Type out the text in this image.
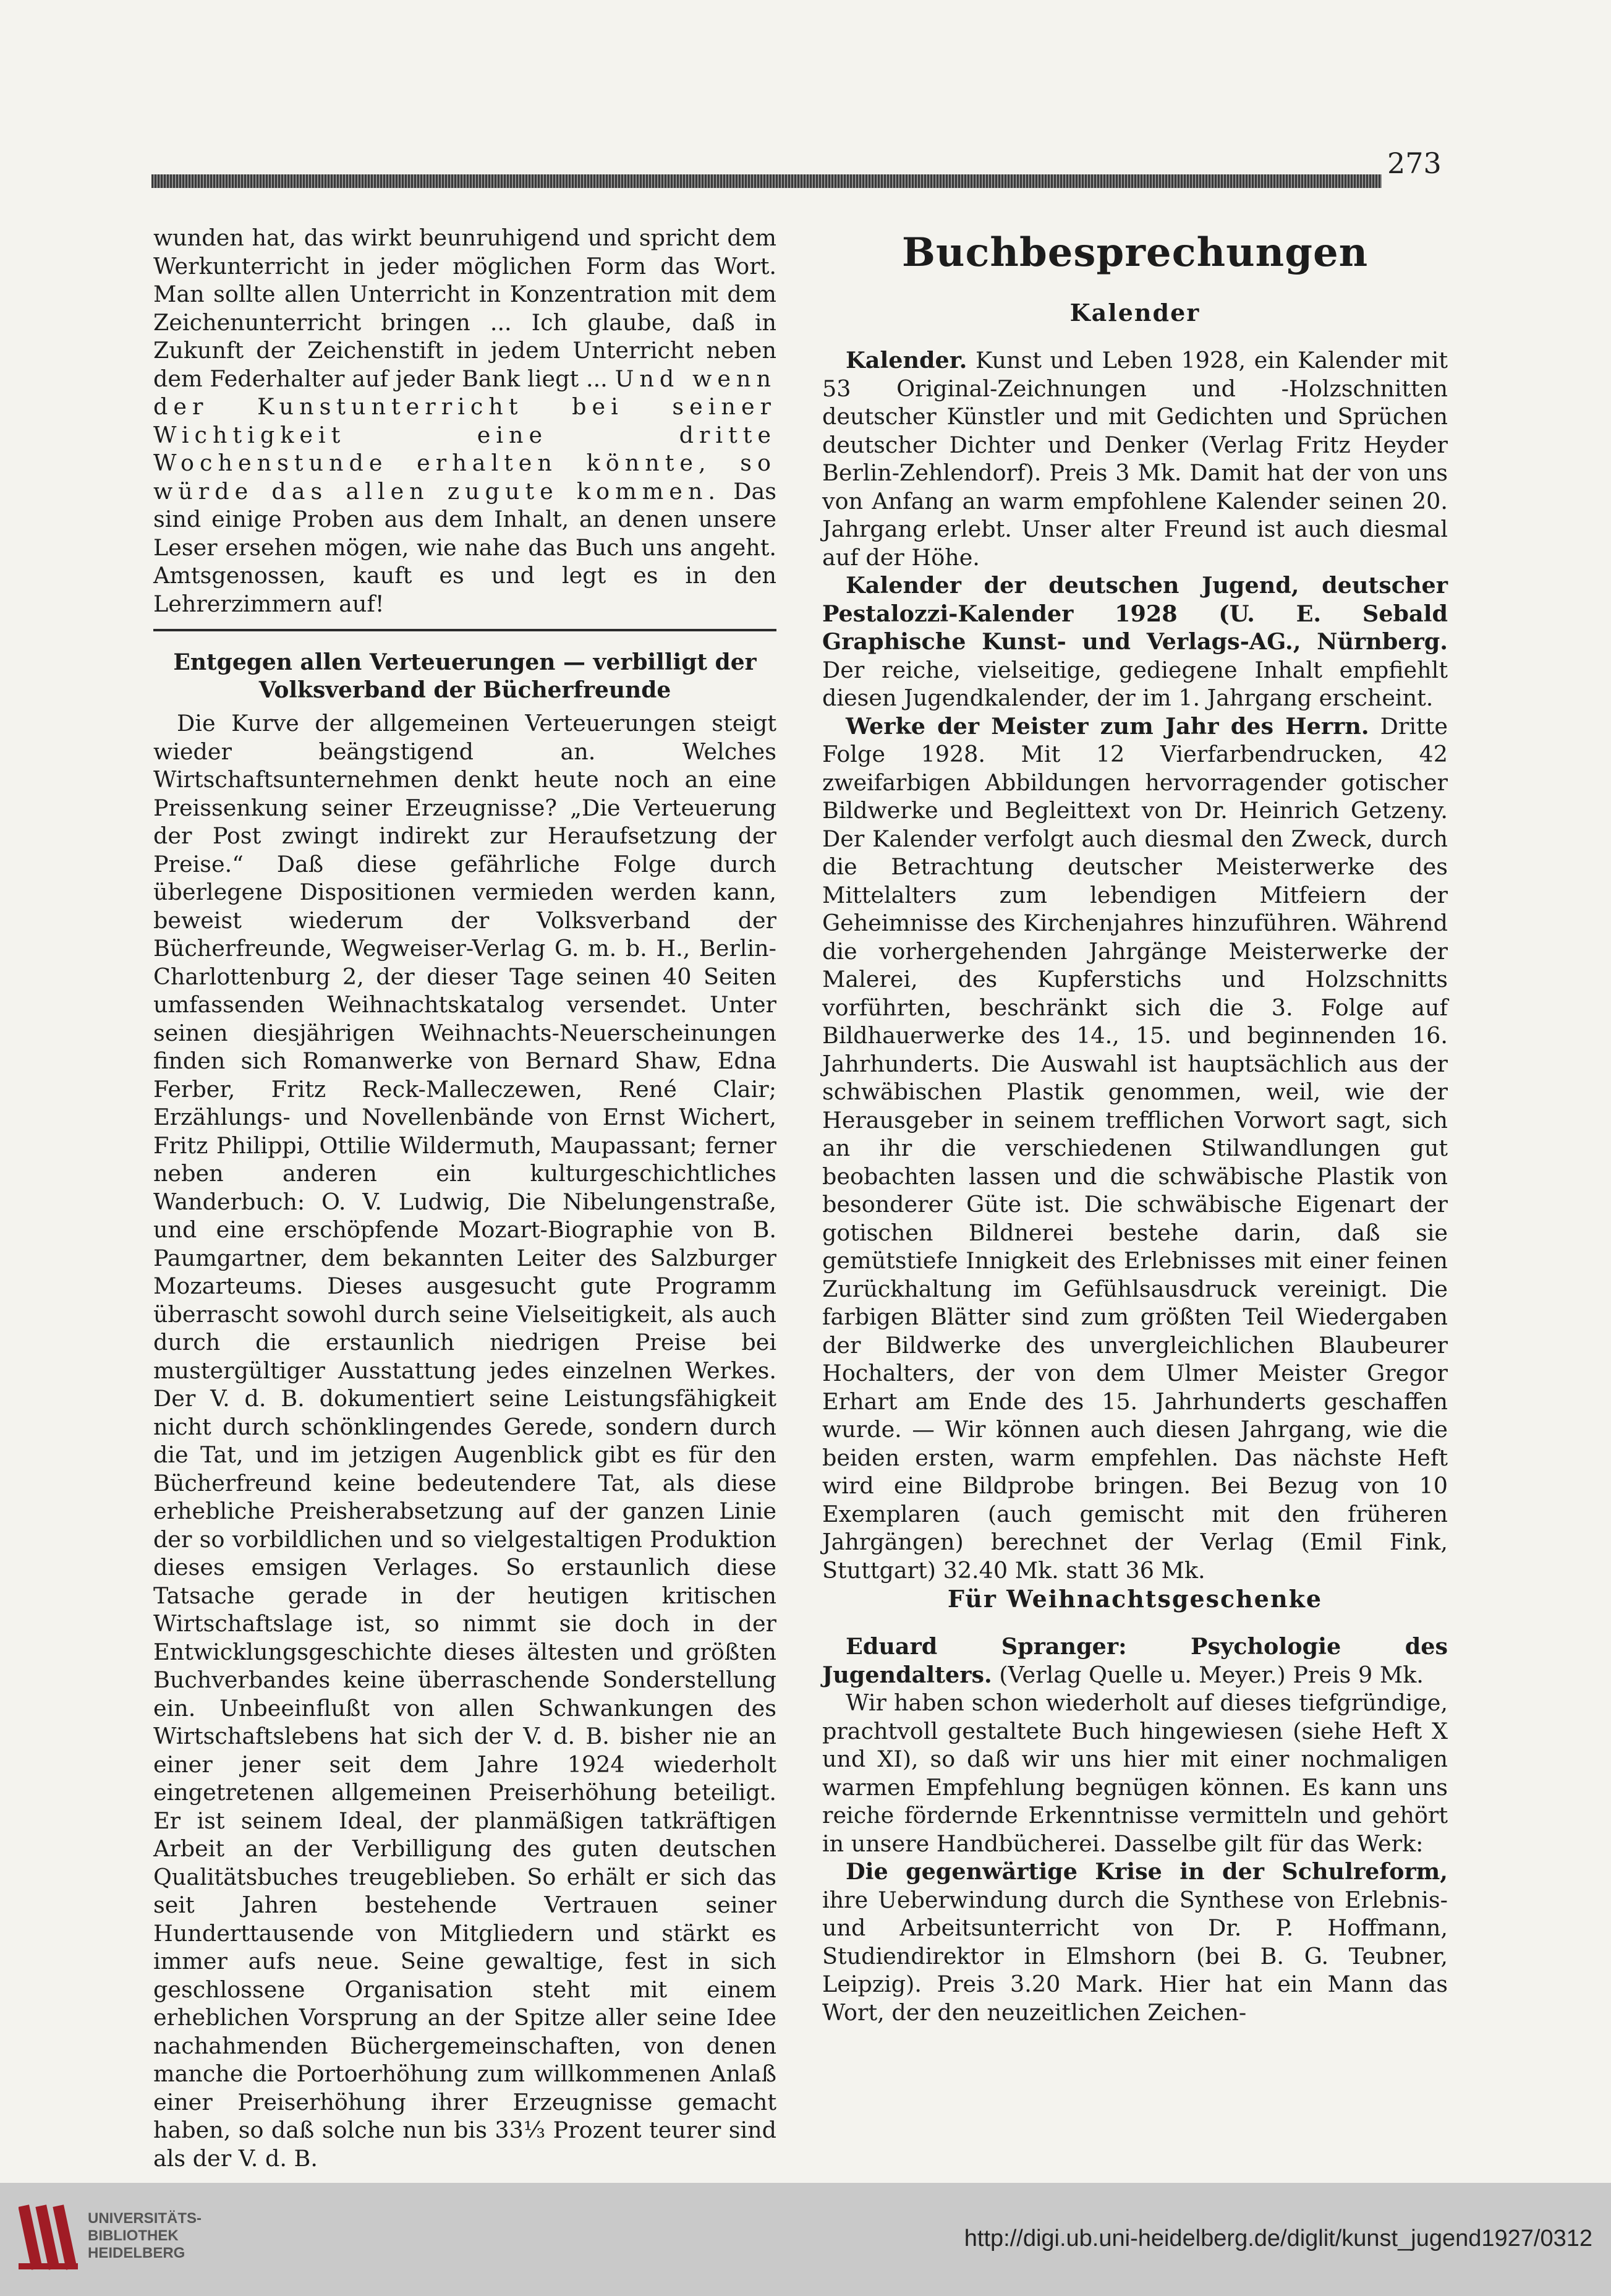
273

wunden hat, das wirkt beunruhigend und spricht dem Werkunterricht in jeder möglichen Form das Wort. Man sollte allen Unterricht in Konzentration mit dem Zeichenunterricht bringen ... Ich glaube, daß in Zukunft der Zeichenstift in jedem Unterricht neben dem Federhalter auf jeder Bank liegt ... Und wenn der Kunstunterricht bei seiner Wichtigkeit eine dritte Wochenstunde erhalten könnte, so würde das allen zugute kommen. Das sind einige Proben aus dem Inhalt, an denen unsere Leser ersehen mögen, wie nahe das Buch uns angeht. Amtsgenossen, kauft es und legt es in den Lehrerzimmern auf!

Entgegen allen Verteuerungen — verbilligt der Volksverband der Bücherfreunde

Die Kurve der allgemeinen Verteuerungen steigt wieder beängstigend an. Welches Wirtschaftsunternehmen denkt heute noch an eine Preissenkung seiner Erzeugnisse? „Die Verteuerung der Post zwingt indirekt zur Heraufsetzung der Preise.“ Daß diese gefährliche Folge durch überlegene Dispositionen vermieden werden kann, beweist wiederum der Volksverband der Bücherfreunde, Wegweiser-Verlag G. m. b. H., Berlin-Charlottenburg 2, der dieser Tage seinen 40 Seiten umfassenden Weihnachtskatalog versendet. Unter seinen diesjährigen Weihnachts-Neuerscheinungen finden sich Romanwerke von Bernard Shaw, Edna Ferber, Fritz Reck-Malleczewen, René Clair; Erzählungs- und Novellenbände von Ernst Wichert, Fritz Philippi, Ottilie Wildermuth, Maupassant; ferner neben anderen ein kulturgeschichtliches Wanderbuch: O. V. Ludwig, Die Nibelungenstraße, und eine erschöpfende Mozart-Biographie von B. Paumgartner, dem bekannten Leiter des Salzburger Mozarteums. Dieses ausgesucht gute Programm überrascht sowohl durch seine Vielseitigkeit, als auch durch die erstaunlich niedrigen Preise bei mustergültiger Ausstattung jedes einzelnen Werkes. Der V. d. B. dokumentiert seine Leistungsfähigkeit nicht durch schönklingendes Gerede, sondern durch die Tat, und im jetzigen Augenblick gibt es für den Bücherfreund keine bedeutendere Tat, als diese erhebliche Preisherabsetzung auf der ganzen Linie der so vorbildlichen und so vielgestaltigen Produktion dieses emsigen Verlages. So erstaunlich diese Tatsache gerade in der heutigen kritischen Wirtschaftslage ist, so nimmt sie doch in der Entwicklungsgeschichte dieses ältesten und größten Buchverbandes keine überraschende Sonderstellung ein. Unbeeinflußt von allen Schwankungen des Wirtschaftslebens hat sich der V. d. B. bisher nie an einer jener seit dem Jahre 1924 wiederholt eingetretenen allgemeinen Preiserhöhung beteiligt. Er ist seinem Ideal, der planmäßigen tatkräftigen Arbeit an der Verbilligung des guten deutschen Qualitätsbuches treugeblieben. So erhält er sich das seit Jahren bestehende Vertrauen seiner Hunderttausende von Mitgliedern und stärkt es immer aufs neue. Seine gewaltige, fest in sich geschlossene Organisation steht mit einem erheblichen Vorsprung an der Spitze aller seine Idee nachahmenden Büchergemeinschaften, von denen manche die Portoerhöhung zum willkommenen Anlaß einer Preiserhöhung ihrer Erzeugnisse gemacht haben, so daß solche nun bis 33⅓ Prozent teurer sind als der V. d. B.

Buchbesprechungen
Kalender

Kalender. Kunst und Leben 1928, ein Kalender mit 53 Original-Zeichnungen und -Holzschnitten deutscher Künstler und mit Gedichten und Sprüchen deutscher Dichter und Denker (Verlag Fritz Heyder Berlin-Zehlendorf). Preis 3 Mk. Damit hat der von uns von Anfang an warm empfohlene Kalender seinen 20. Jahrgang erlebt. Unser alter Freund ist auch diesmal auf der Höhe.

Kalender der deutschen Jugend, deutscher Pestalozzi-Kalender 1928 (U. E. Sebald Graphische Kunst- und Verlags-AG., Nürnberg. Der reiche, vielseitige, gediegene Inhalt empfiehlt diesen Jugendkalender, der im 1. Jahrgang erscheint.

Werke der Meister zum Jahr des Herrn. Dritte Folge 1928. Mit 12 Vierfarbendrucken, 42 zweifarbigen Abbildungen hervorragender gotischer Bildwerke und Begleittext von Dr. Heinrich Getzeny. Der Kalender verfolgt auch diesmal den Zweck, durch die Betrachtung deutscher Meisterwerke des Mittelalters zum lebendigen Mitfeiern der Geheimnisse des Kirchenjahres hinzuführen. Während die vorhergehenden Jahrgänge Meisterwerke der Malerei, des Kupferstichs und Holzschnitts vorführten, beschränkt sich die 3. Folge auf Bildhauerwerke des 14., 15. und beginnenden 16. Jahrhunderts. Die Auswahl ist hauptsächlich aus der schwäbischen Plastik genommen, weil, wie der Herausgeber in seinem trefflichen Vorwort sagt, sich an ihr die verschiedenen Stilwandlungen gut beobachten lassen und die schwäbische Plastik von besonderer Güte ist. Die schwäbische Eigenart der gotischen Bildnerei bestehe darin, daß sie gemütstiefe Innigkeit des Erlebnisses mit einer feinen Zurückhaltung im Gefühlsausdruck vereinigt. Die farbigen Blätter sind zum größten Teil Wiedergaben der Bildwerke des unvergleichlichen Blaubeurer Hochalters, der von dem Ulmer Meister Gregor Erhart am Ende des 15. Jahrhunderts geschaffen wurde. — Wir können auch diesen Jahrgang, wie die beiden ersten, warm empfehlen. Das nächste Heft wird eine Bildprobe bringen. Bei Bezug von 10 Exemplaren (auch gemischt mit den früheren Jahrgängen) berechnet der Verlag (Emil Fink, Stuttgart) 32.40 Mk. statt 36 Mk.

Für Weihnachtsgeschenke

Eduard Spranger: Psychologie des Jugendalters. (Verlag Quelle u. Meyer.) Preis 9 Mk.

Wir haben schon wiederholt auf dieses tiefgründige, prachtvoll gestaltete Buch hingewiesen (siehe Heft X und XI), so daß wir uns hier mit einer nochmaligen warmen Empfehlung begnügen können. Es kann uns reiche fördernde Erkenntnisse vermitteln und gehört in unsere Handbücherei. Dasselbe gilt für das Werk:

Die gegenwärtige Krise in der Schulreform, ihre Ueberwindung durch die Synthese von Erlebnis- und Arbeitsunterricht von Dr. P. Hoffmann, Studiendirektor in Elmshorn (bei B. G. Teubner, Leipzig). Preis 3.20 Mark. Hier hat ein Mann das Wort, der den neuzeitlichen Zeichen-

UNIVERSITÄTS-
BIBLIOTHEK
HEIDELBERG
http://digi.ub.uni-heidelberg.de/diglit/kunst_jugend1927/0312
